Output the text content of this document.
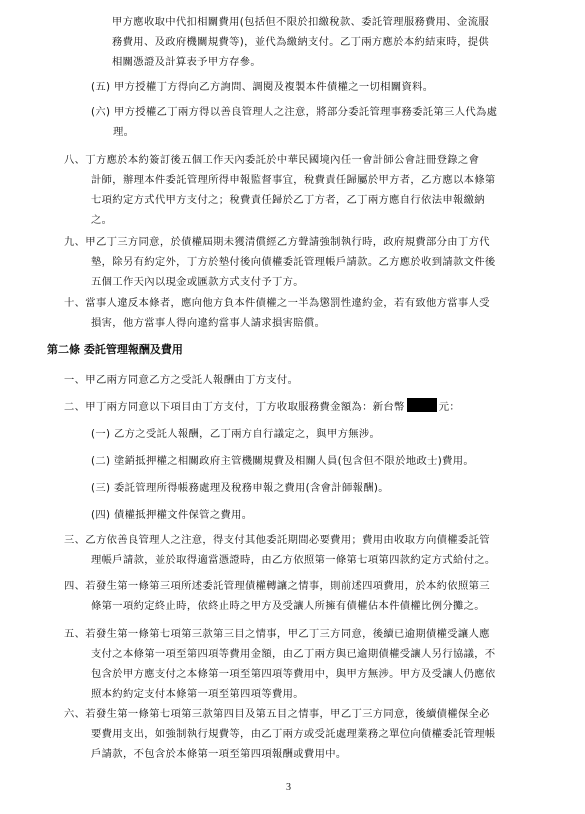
甲方應收取中代扣相關費用(包括但不限於扣繳稅款、委託管理服務費用、金流服
務費用、及政府機關規費等)，並代為繳納支付。乙丁兩方應於本約結束時，提供
相關憑證及計算表予甲方存參。
(五) 甲方授權丁方得向乙方詢問、調閱及複製本件債權之一切相關資料。
(六) 甲方授權乙丁兩方得以善良管理人之注意，將部分委託管理事務委託第三人代為處
理。
八、丁方應於本約簽訂後五個工作天內委託於中華民國境內任一會計師公會註冊登錄之會
計師，辦理本件委託管理所得申報監督事宜，稅費責任歸屬於甲方者，乙方應以本條第
七項約定方式代甲方支付之；稅費責任歸於乙丁方者，乙丁兩方應自行依法申報繳納
之。
九、甲乙丁三方同意，於債權屆期未獲清償經乙方聲請強制執行時，政府規費部分由丁方代
墊，除另有約定外，丁方於墊付後向債權委託管理帳戶請款。乙方應於收到請款文件後
五個工作天內以現金或匯款方式支付予丁方。
十、當事人違反本條者，應向他方負本件債權之一半為懲罰性違約金，若有致他方當事人受
損害，他方當事人得向違約當事人請求損害賠償。
第二條 委託管理報酬及費用
一、甲乙兩方同意乙方之受託人報酬由丁方支付。
二、甲丁兩方同意以下項目由丁方支付，丁方收取服務費金額為：新台幣	元：
(一) 乙方之受託人報酬，乙丁兩方自行議定之，與甲方無涉。
(二) 塗銷抵押權之相關政府主管機關規費及相關人員(包含但不限於地政士)費用。
(三) 委託管理所得帳務處理及稅務申報之費用(含會計師報酬)。
(四) 債權抵押權文件保管之費用。
三、乙方依善良管理人之注意，得支付其他委託期間必要費用；費用由收取方向債權委託管
理帳戶請款，並於取得適當憑證時，由乙方依照第一條第七項第四款約定方式給付之。
四、若發生第一條第三項所述委託管理債權轉讓之情事，則前述四項費用，於本約依照第三
條第一項約定終止時，依終止時之甲方及受讓人所擁有債權佔本件債權比例分攤之。
五、若發生第一條第七項第三款第三目之情事，甲乙丁三方同意，後續已逾期債權受讓人應
支付之本條第一項至第四項等費用金額，由乙丁兩方與已逾期債權受讓人另行協議，不
包含於甲方應支付之本條第一項至第四項等費用中，與甲方無涉。甲方及受讓人仍應依
照本約約定支付本條第一項至第四項等費用。
六、若發生第一條第七項第三款第四目及第五目之情事，甲乙丁三方同意，後續債權保全必
要費用支出，如強制執行規費等，由乙丁兩方或受託處理業務之單位向債權委託管理帳
戶請款，不包含於本條第一項至第四項報酬或費用中。
3
